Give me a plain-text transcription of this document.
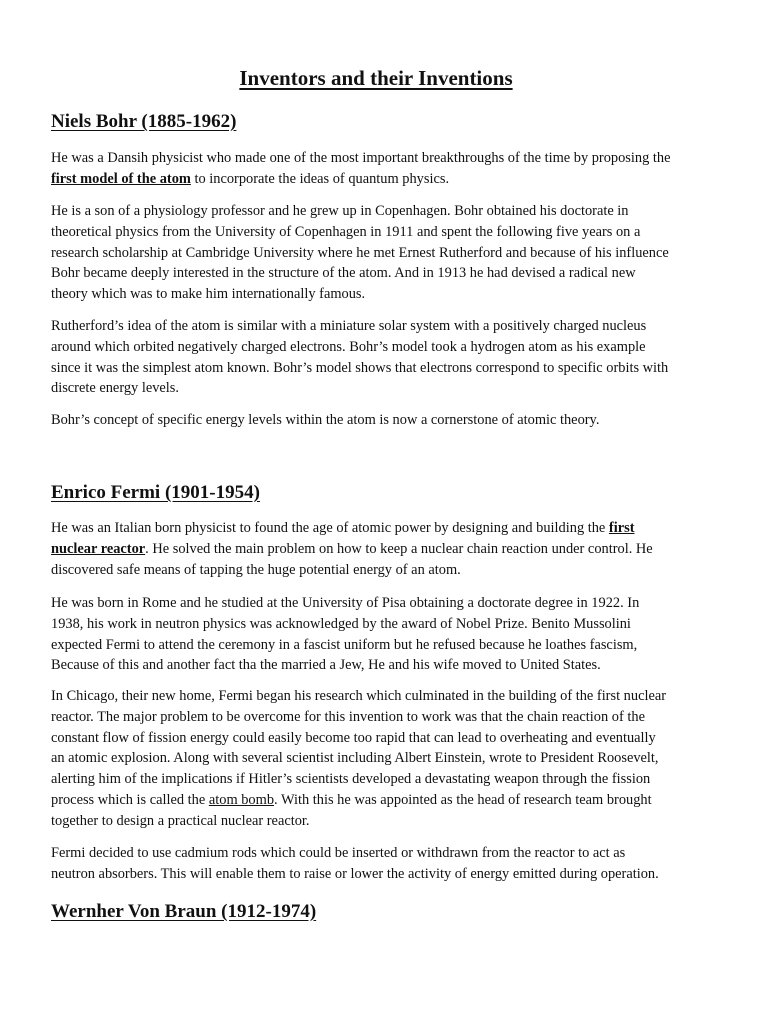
Inventors and their Inventions
Niels Bohr (1885-1962)

He was a Dansih physicist who made one of the most important breakthroughs of the time by proposing the
first model of the atom to incorporate the ideas of quantum physics.

He is a son of a physiology professor and he grew up in Copenhagen. Bohr obtained his doctorate in
theoretical physics from the University of Copenhagen in 1911 and spent the following five years on a
research scholarship at Cambridge University where he met Ernest Rutherford and because of his influence
Bohr became deeply interested in the structure of the atom. And in 1913 he had devised a radical new
theory which was to make him internationally famous.

Rutherford’s idea of the atom is similar with a miniature solar system with a positively charged nucleus
around which orbited negatively charged electrons. Bohr’s model took a hydrogen atom as his example
since it was the simplest atom known. Bohr’s model shows that electrons correspond to specific orbits with
discrete energy levels.

Bohr’s concept of specific energy levels within the atom is now a cornerstone of atomic theory.

Enrico Fermi (1901-1954)

He was an Italian born physicist to found the age of atomic power by designing and building the first
nuclear reactor. He solved the main problem on how to keep a nuclear chain reaction under control. He
discovered safe means of tapping the huge potential energy of an atom.

He was born in Rome and he studied at the University of Pisa obtaining a doctorate degree in 1922. In
1938, his work in neutron physics was acknowledged by the award of Nobel Prize. Benito Mussolini
expected Fermi to attend the ceremony in a fascist uniform but he refused because he loathes fascism,
Because of this and another fact tha the married a Jew, He and his wife moved to United States.

In Chicago, their new home, Fermi began his research which culminated in the building of the first nuclear
reactor. The major problem to be overcome for this invention to work was that the chain reaction of the
constant flow of fission energy could easily become too rapid that can lead to overheating and eventually
an atomic explosion. Along with several scientist including Albert Einstein, wrote to President Roosevelt,
alerting him of the implications if Hitler’s scientists developed a devastating weapon through the fission
process which is called the atom bomb. With this he was appointed as the head of research team brought
together to design a practical nuclear reactor.

Fermi decided to use cadmium rods which could be inserted or withdrawn from the reactor to act as
neutron absorbers. This will enable them to raise or lower the activity of energy emitted during operation.

Wernher Von Braun (1912-1974)
